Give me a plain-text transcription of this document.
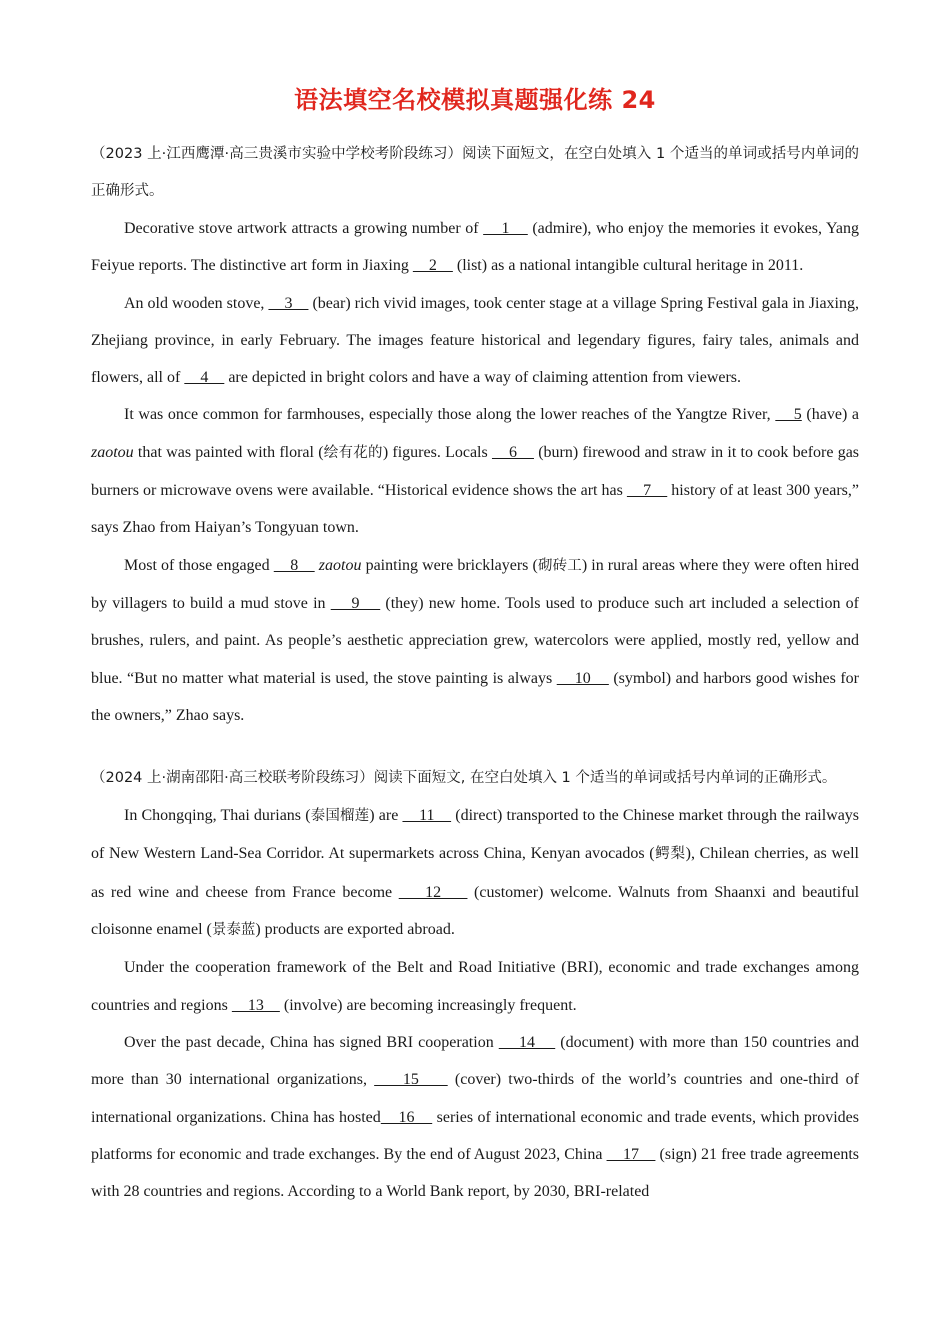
语法填空名校模拟真题强化练 24

（2023 上·江西鹰潭·高三贵溪市实验中学校考阶段练习）阅读下面短文，在空白处填入 1 个适当的单词或括号内单词的正确形式。

Decorative stove artwork attracts a growing number of     1     (admire), who enjoy the memories it evokes, Yang Feiyue reports. The distinctive art form in Jiaxing     2     (list) as a national intangible cultural heritage in 2011.

An old wooden stove,     3     (bear) rich vivid images, took center stage at a village Spring Festival gala in Jiaxing, Zhejiang province, in early February. The images feature historical and legendary figures, fairy tales, animals and flowers, all of     4     are depicted in bright colors and have a way of claiming attention from viewers.

It was once common for farmhouses, especially those along the lower reaches of the Yangtze River,     5 (have) a zaotou that was painted with floral (绘有花的) figures. Locals     6     (burn) firewood and straw in it to cook before gas burners or microwave ovens were available. “Historical evidence shows the art has     7     history of at least 300 years,” says Zhao from Haiyan’s Tongyuan town.

Most of those engaged     8     zaotou painting were bricklayers (砌砖工) in rural areas where they were often hired by villagers to build a mud stove in     9     (they) new home. Tools used to produce such art included a selection of brushes, rulers, and paint. As people’s aesthetic appreciation grew, watercolors were applied, mostly red, yellow and blue. “But no matter what material is used, the stove painting is always     10     (symbol) and harbors good wishes for the owners,” Zhao says.

（2024 上·湖南邵阳·高三校联考阶段练习）阅读下面短文, 在空白处填入 1 个适当的单词或括号内单词的正确形式。

In Chongqing, Thai durians (泰国榴莲) are     11     (direct) transported to the Chinese market through the railways of New Western Land-Sea Corridor. At supermarkets across China, Kenyan avocados (鳄梨), Chilean cherries, as well as red wine and cheese from France become     12     (customer) welcome. Walnuts from Shaanxi and beautiful cloisonne enamel (景泰蓝) products are exported abroad.

Under the cooperation framework of the Belt and Road Initiative (BRI), economic and trade exchanges among countries and regions     13     (involve) are becoming increasingly frequent.

Over the past decade, China has signed BRI cooperation     14     (document) with more than 150 countries and more than 30 international organizations,     15     (cover) two-thirds of the world’s countries and one-third of international organizations. China has hosted    16     series of international economic and trade events, which provides platforms for economic and trade exchanges. By the end of August 2023, China     17     (sign) 21 free trade agreements with 28 countries and regions. According to a World Bank report, by 2030, BRI-related
